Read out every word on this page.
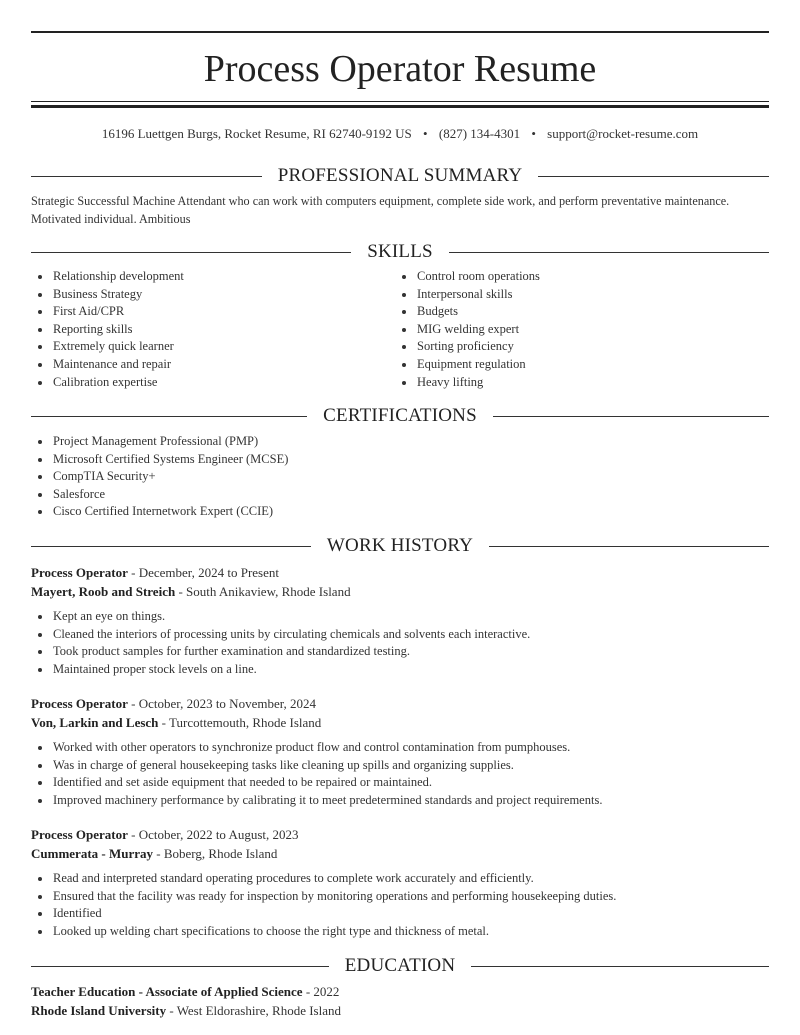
Process Operator Resume
16196 Luettgen Burgs, Rocket Resume, RI 62740-9192 US • (827) 134-4301 • support@rocket-resume.com
PROFESSIONAL SUMMARY
Strategic Successful Machine Attendant who can work with computers equipment, complete side work, and perform preventative maintenance. Motivated individual. Ambitious
SKILLS
Relationship development
Business Strategy
First Aid/CPR
Reporting skills
Extremely quick learner
Maintenance and repair
Calibration expertise
Control room operations
Interpersonal skills
Budgets
MIG welding expert
Sorting proficiency
Equipment regulation
Heavy lifting
CERTIFICATIONS
Project Management Professional (PMP)
Microsoft Certified Systems Engineer (MCSE)
CompTIA Security+
Salesforce
Cisco Certified Internetwork Expert (CCIE)
WORK HISTORY
Process Operator - December, 2024 to Present
Mayert, Roob and Streich - South Anikaview, Rhode Island
Kept an eye on things.
Cleaned the interiors of processing units by circulating chemicals and solvents each interactive.
Took product samples for further examination and standardized testing.
Maintained proper stock levels on a line.
Process Operator - October, 2023 to November, 2024
Von, Larkin and Lesch - Turcottemouth, Rhode Island
Worked with other operators to synchronize product flow and control contamination from pumphouses.
Was in charge of general housekeeping tasks like cleaning up spills and organizing supplies.
Identified and set aside equipment that needed to be repaired or maintained.
Improved machinery performance by calibrating it to meet predetermined standards and project requirements.
Process Operator - October, 2022 to August, 2023
Cummerata - Murray - Boberg, Rhode Island
Read and interpreted standard operating procedures to complete work accurately and efficiently.
Ensured that the facility was ready for inspection by monitoring operations and performing housekeeping duties.
Identified
Looked up welding chart specifications to choose the right type and thickness of metal.
EDUCATION
Teacher Education - Associate of Applied Science - 2022
Rhode Island University - West Eldorashire, Rhode Island
